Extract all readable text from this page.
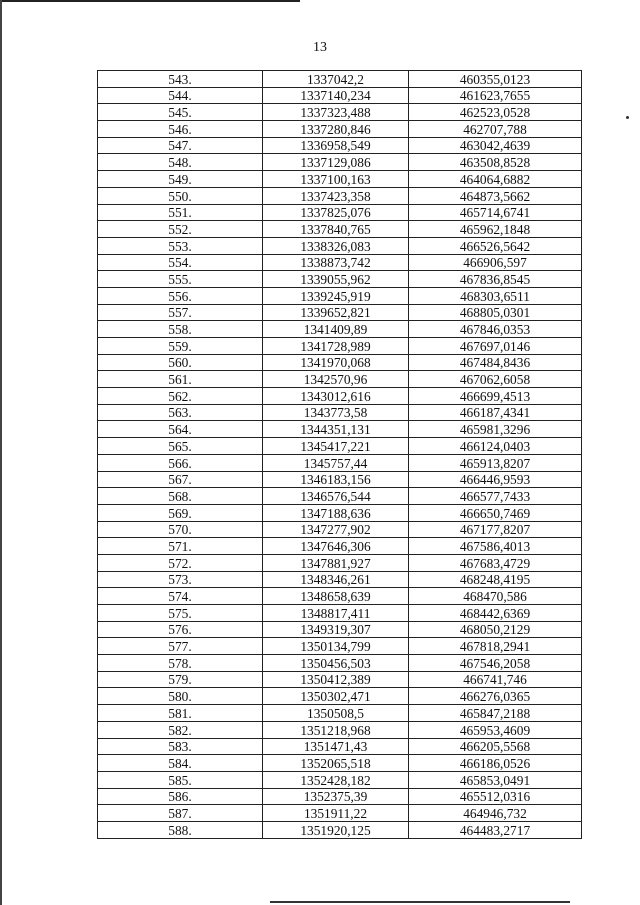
13
543.	1337042,2	460355,0123
544.	1337140,234	461623,7655
545.	1337323,488	462523,0528
546.	1337280,846	462707,788
547.	1336958,549	463042,4639
548.	1337129,086	463508,8528
549.	1337100,163	464064,6882
550.	1337423,358	464873,5662
551.	1337825,076	465714,6741
552.	1337840,765	465962,1848
553.	1338326,083	466526,5642
554.	1338873,742	466906,597
555.	1339055,962	467836,8545
556.	1339245,919	468303,6511
557.	1339652,821	468805,0301
558.	1341409,89	467846,0353
559.	1341728,989	467697,0146
560.	1341970,068	467484,8436
561.	1342570,96	467062,6058
562.	1343012,616	466699,4513
563.	1343773,58	466187,4341
564.	1344351,131	465981,3296
565.	1345417,221	466124,0403
566.	1345757,44	465913,8207
567.	1346183,156	466446,9593
568.	1346576,544	466577,7433
569.	1347188,636	466650,7469
570.	1347277,902	467177,8207
571.	1347646,306	467586,4013
572.	1347881,927	467683,4729
573.	1348346,261	468248,4195
574.	1348658,639	468470,586
575.	1348817,411	468442,6369
576.	1349319,307	468050,2129
577.	1350134,799	467818,2941
578.	1350456,503	467546,2058
579.	1350412,389	466741,746
580.	1350302,471	466276,0365
581.	1350508,5	465847,2188
582.	1351218,968	465953,4609
583.	1351471,43	466205,5568
584.	1352065,518	466186,0526
585.	1352428,182	465853,0491
586.	1352375,39	465512,0316
587.	1351911,22	464946,732
588.	1351920,125	464483,2717
